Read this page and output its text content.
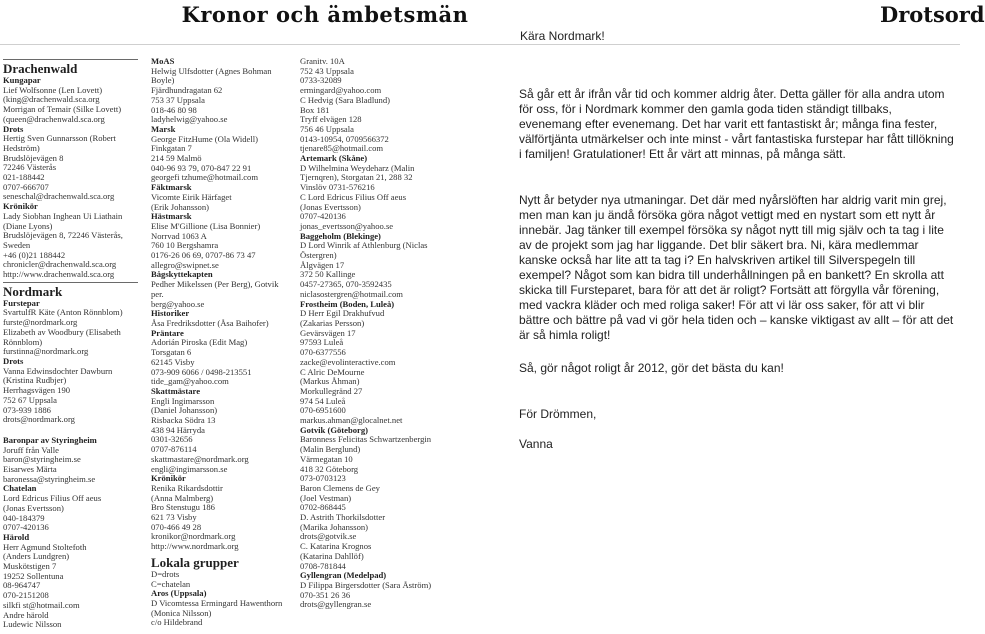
Kronor och ämbetsmän	Drotsord
Drachenwald
Kungapar
Lief Wolfsonne (Len Lovett)
(king@drachenwald.sca.org
Morrigan of Temair (Silke Lovett)
(queen@drachenwald.sca.org
Drots
Hertig Sven Gunnarsson (Robert Hedström)
Brudslöjevägen 8
72246 Västerås
021-188442
0707-666707
seneschal@drachenwald.sca.org
Krönikör
Lady Siobhan Inghean Ui Liathain (Diane Lyons)
Brudslöjevägen 8, 72246 Västerås, Sweden
+46 (0)21 188442
chronicler@drachenwald.sca.org
http://www.drachenwald.sca.org
Nordmark
Furstepar
SvartulfR Käte (Anton Rönnblom)
furste@nordmark.org
Elizabeth av Woodbury (Elisabeth Rönnblom)
furstinna@nordmark.org
Drots
Vanna Edwinsdochter Dawburn (Kristina Rudbjer)
Herrhagsvägen 190
752 67 Uppsala
073-939 1886
drots@nordmark.org
Baronpar av Styringheim
Joruff från Valle
baron@styringheim.se
Eisarwes Märta
baronessa@styringheim.se
Chatelan
Lord Edricus Filius Off aeus
(Jonas Evertsson)
040-184379
0707-420136
Härold
Herr Agmund Stoltefoth
(Anders Lundgren)
Muskötstigen 7
19252 Sollentuna
08-964747
070-2151208
silkfi st@hotmail.com
Andre härold
Ludewic Nilsson
MoAS
Helwig Ulfsdotter (Agnes Bohman Boyle)
Fjärdhundragatan 62
753 37 Uppsala
018-46 80 98
ladyhelwig@yahoo.se
Marsk
George FitzHume (Ola Widell)
Finkgatan 7
214 59 Malmö
040-96 93 79, 070-847 22 91
georgefi tzhume@hotmail.com
Fäktmarsk
Vicomte Eirik Härfaget
(Erik Johansson)
Hästmarsk
Elise M'Gillione (Lisa Bonnier)
Norrvad 1063 A
760 10 Bergshamra
0176-26 06 69, 0707-86 73 47
allegro@swipnet.se
Bågskyttekapten
Pedher Mikelssen (Per Berg), Gotvik per.
berg@yahoo.se
Historiker
Åsa Fredriksdotter (Åsa Baihofer)
Präntare
Adorián Piroska (Edit Mag)
Torsgatan 6
62145 Visby
073-909 6066 / 0498-213551
tide_gam@yahoo.com
Skattmästare
Engli Ingimarsson
(Daniel Johansson)
Risbacka Södra 13
438 94 Härryda
0301-32656
0707-876114
skattmastare@nordmark.org
engli@ingimarsson.se
Krönikör
Renika Rikardsdottir
(Anna Malmberg)
Bro Stenstugu 186
621 73 Visby
070-466 49 28
kronikor@nordmark.org
http://www.nordmark.org
Lokala grupper
D=drots
C=chatelan
Aros (Uppsala)
D Vicomtessa Ermingard Hawenthorn
(Monica Nilsson)
c/o Hildebrand
Granitv. 10A
752 43 Uppsala
0733-32089
ermingard@yahoo.com
C Hedvig (Sara Bladlund)
Box 181
Tryff elvägen 128
756 46 Uppsala
0143-10954, 0709566372
tjenare85@hotmail.com
Artemark (Skåne)
D Wilhelmina Weydeharz (Malin Tjernqren), Storgatan 21, 288 32 Vinslöv 0731-576216
C Lord Edricus Filius Off aeus
(Jonas Evertsson)
0707-420136
jonas_evertsson@yahoo.se
Baggeholm (Blekinge)
D Lord Winrik af Athlenburg (Niclas Östergren)
Ålgvägen 17
372 50 Kallinge
0457-27365, 070-3592435
niclasostergren@hotmail.com
Frostheim (Boden, Luleå)
D Herr Egil Drakhufvud
(Zakarias Persson)
Gevärsvägen 17
97593 Luleå
070-6377556
zacke@evolinteractive.com
C Alric DeMourne
(Markus Åhman)
Morkullegränd 27
974 54 Luleå
070-6951600
markus.ahman@glocalnet.net
Gotvik (Göteborg)
Baronness Felicitas Schwartzenbergin
(Malin Berglund)
Värmegatan 10
418 32 Göteborg
073-0703123
Baron Clemens de Gey
(Joel Vestman)
0702-868445
D. Astrith Thorkilsdotter
(Marika Johansson)
drots@gotvik.se
C. Katarina Krognos
(Katarina Dahllöf)
0708-781844
Gyllengran (Medelpad)
D Filippa Birgersdotter (Sara Åström)
070-351 26 36
drots@gyllengran.se
Kära Nordmark!

Så går ett år ifrån vår tid och kommer aldrig åter. Detta gäller för alla andra utom för oss, för i Nordmark kommer den gamla goda tiden ständigt tillbaks, evenemang efter evenemang. Det har varit ett fantastiskt år; många fina fester, välförtjänta utmärkelser och inte minst - vårt fantastiska furstepar har fått tillökning i familjen! Gratulationer! Ett år värt att minnas, på många sätt.

Nytt år betyder nya utmaningar. Det där med nyårslöften har aldrig varit min grej, men man kan ju ändå försöka göra något vettigt med en nystart som ett nytt år innebär. Jag tänker till exempel försöka sy något nytt till mig själv och ta tag i lite av de projekt som jag har liggande. Det blir säkert bra. Ni, kära medlemmar kanske också har lite att ta tag i? En halvskriven artikel till Silverspegeln till exempel? Något som kan bidra till underhållningen på en bankett? En skrolla att skicka till Fursteparet, bara för att det är roligt? Fortsätt att förgylla vår förening, med vackra kläder och med roliga saker! För att vi lär oss saker, för att vi blir bättre och bättre på vad vi gör hela tiden och – kanske viktigast av allt – för att det är så himla roligt!

Så, gör något roligt år 2012, gör det bästa du kan!

För Drömmen,

Vanna
